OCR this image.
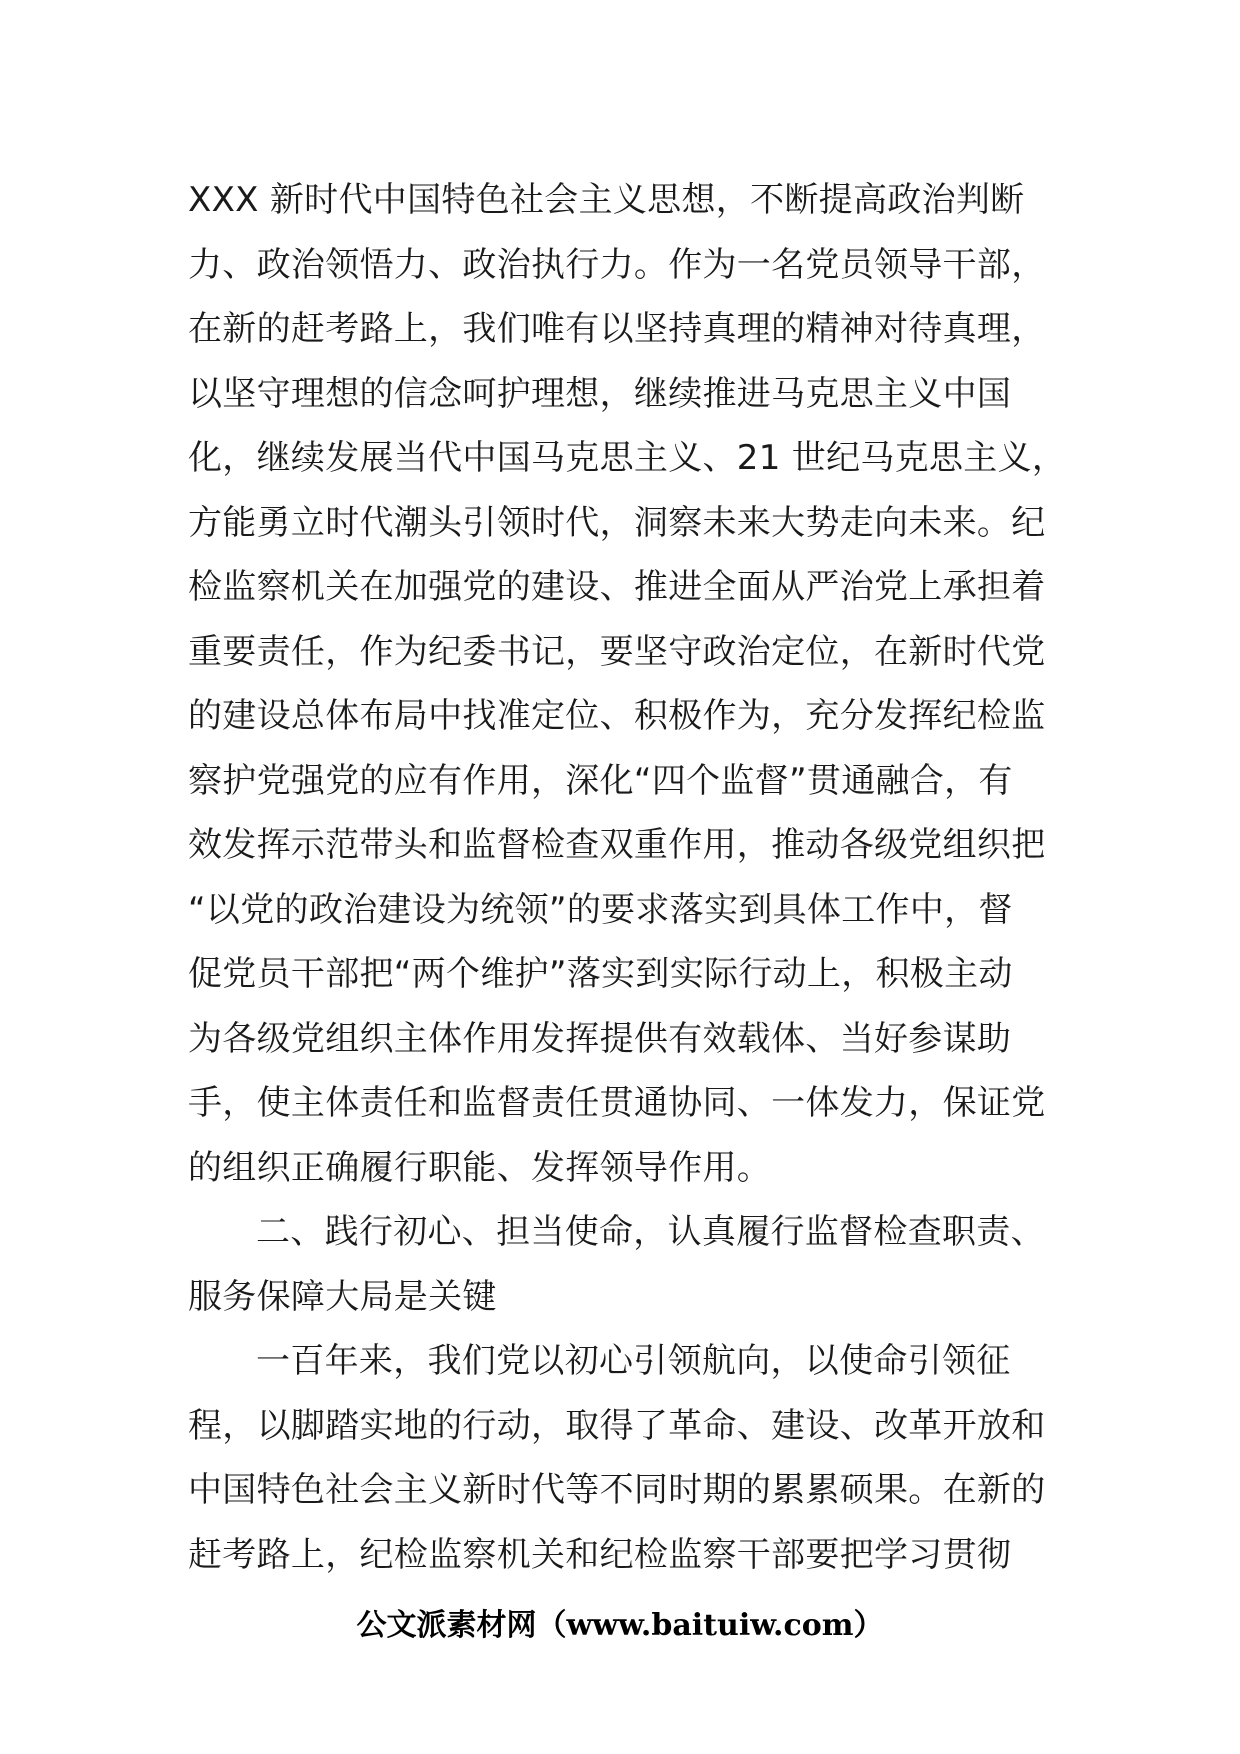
XXX 新时代中国特色社会主义思想，不断提高政治判断
力、政治领悟力、政治执行力。作为一名党员领导干部，
在新的赶考路上，我们唯有以坚持真理的精神对待真理，
以坚守理想的信念呵护理想，继续推进马克思主义中国
化，继续发展当代中国马克思主义、21 世纪马克思主义，
方能勇立时代潮头引领时代，洞察未来大势走向未来。纪
检监察机关在加强党的建设、推进全面从严治党上承担着
重要责任，作为纪委书记，要坚守政治定位，在新时代党
的建设总体布局中找准定位、积极作为，充分发挥纪检监
察护党强党的应有作用，深化“四个监督”贯通融合，有
效发挥示范带头和监督检查双重作用，推动各级党组织把
“以党的政治建设为统领”的要求落实到具体工作中，督
促党员干部把“两个维护”落实到实际行动上，积极主动
为各级党组织主体作用发挥提供有效载体、当好参谋助
手，使主体责任和监督责任贯通协同、一体发力，保证党
的组织正确履行职能、发挥领导作用。
二、践行初心、担当使命，认真履行监督检查职责、
服务保障大局是关键
一百年来，我们党以初心引领航向，以使命引领征
程，以脚踏实地的行动，取得了革命、建设、改革开放和
中国特色社会主义新时代等不同时期的累累硕果。在新的
赶考路上，纪检监察机关和纪检监察干部要把学习贯彻
公文派素材网（www.baituiw.com）
